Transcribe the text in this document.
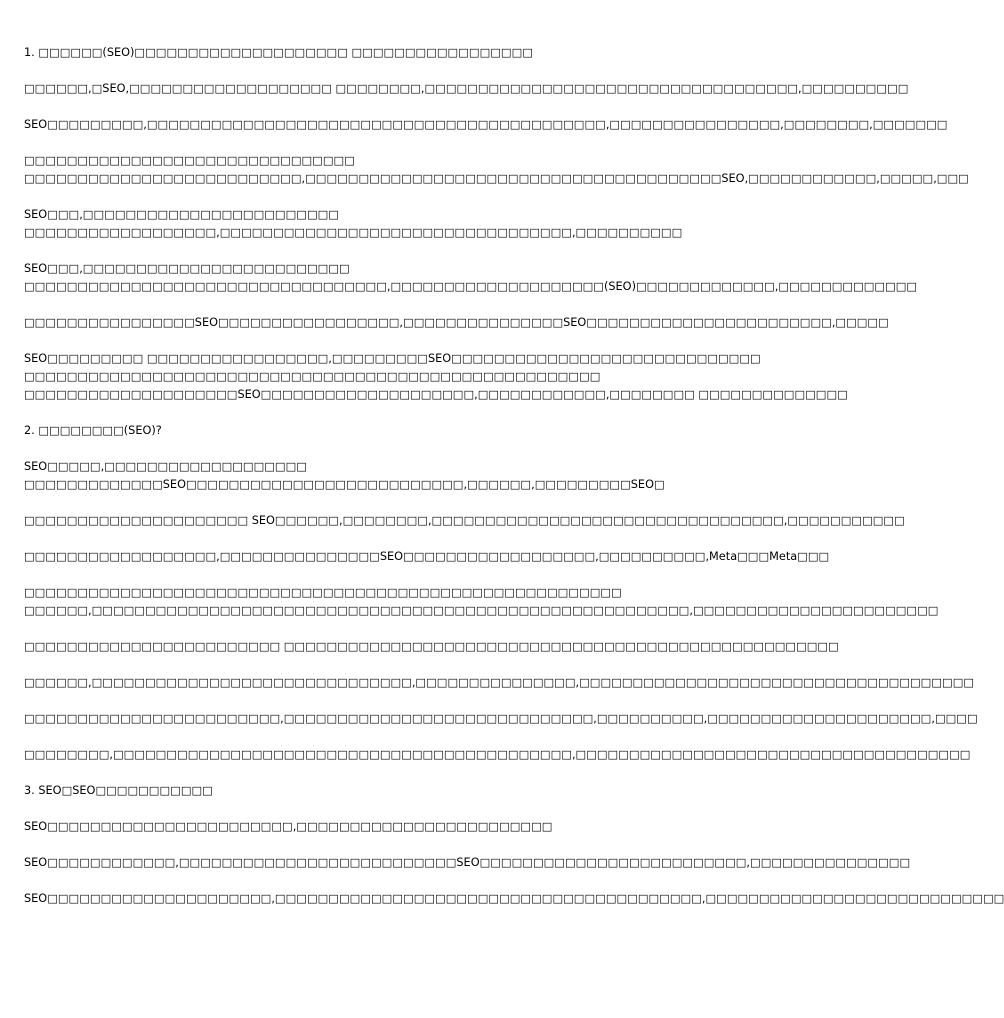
1. □□□□□□(SEO)□□□□□□□□□□□□□□□□□□□□ □□□□□□□□□□□□□□□□□
□□□□□□,□SEO,□□□□□□□□□□□□□□□□□□□ □□□□□□□□,□□□□□□□□□□□□□□□□□□□□□□□□□□□□□□□□□□□,□□□□□□□□□□
SEO□□□□□□□□□,□□□□□□□□□□□□□□□□□□□□□□□□□□□□□□□□□□□□□□□□□□□,□□□□□□□□□□□□□□□□,□□□□□□□□,□□□□□□□
□□□□□□□□□□□□□□□□□□□□□□□□□□□□□□□
□□□□□□□□□□□□□□□□□□□□□□□□□□,□□□□□□□□□□□□□□□□□□□□□□□□□□□□□□□□□□□□□□□SEO,□□□□□□□□□□□□,□□□□□,□□□
SEO□□□,□□□□□□□□□□□□□□□□□□□□□□□□
□□□□□□□□□□□□□□□□□□,□□□□□□□□□□□□□□□□□□□□□□□□□□□□□□□□□,□□□□□□□□□□
SEO□□□,□□□□□□□□□□□□□□□□□□□□□□□□□
□□□□□□□□□□□□□□□□□□□□□□□□□□□□□□□□□□,□□□□□□□□□□□□□□□□□□□□(SEO)□□□□□□□□□□□□□,□□□□□□□□□□□□□
□□□□□□□□□□□□□□□□SEO□□□□□□□□□□□□□□□□□,□□□□□□□□□□□□□□□SEO□□□□□□□□□□□□□□□□□□□□□□□,□□□□□
SEO□□□□□□□□□ □□□□□□□□□□□□□□□□□,□□□□□□□□□SEO□□□□□□□□□□□□□□□□□□□□□□□□□□□□□
□□□□□□□□□□□□□□□□□□□□□□□□□□□□□□□□□□□□□□□□□□□□□□□□□□□□□□
□□□□□□□□□□□□□□□□□□□□SEO□□□□□□□□□□□□□□□□□□□□,□□□□□□□□□□□□,□□□□□□□□ □□□□□□□□□□□□□□
2. □□□□□□□□(SEO)?
SEO□□□□□,□□□□□□□□□□□□□□□□□□□
□□□□□□□□□□□□□SEO□□□□□□□□□□□□□□□□□□□□□□□□□□,□□□□□□,□□□□□□□□□SEO□
□□□□□□□□□□□□□□□□□□□□□ SEO□□□□□□,□□□□□□□□,□□□□□□□□□□□□□□□□□□□□□□□□□□□□□□□□□,□□□□□□□□□□□
□□□□□□□□□□□□□□□□□□,□□□□□□□□□□□□□□□SEO□□□□□□□□□□□□□□□□□□,□□□□□□□□□□,Meta□□□Meta□□□
□□□□□□□□□□□□□□□□□□□□□□□□□□□□□□□□□□□□□□□□□□□□□□□□□□□□□□□□
□□□□□□,□□□□□□□□□□□□□□□□□□□□□□□□□□□□□□□□□□□□□□□□□□□□□□□□□□□□□□□□,□□□□□□□□□□□□□□□□□□□□□□□
□□□□□□□□□□□□□□□□□□□□□□□□ □□□□□□□□□□□□□□□□□□□□□□□□□□□□□□□□□□□□□□□□□□□□□□□□□□□□
□□□□□□,□□□□□□□□□□□□□□□□□□□□□□□□□□□□□□,□□□□□□□□□□□□□□□,□□□□□□□□□□□□□□□□□□□□□□□□□□□□□□□□□□□□□
□□□□□□□□□□□□□□□□□□□□□□□□,□□□□□□□□□□□□□□□□□□□□□□□□□□□□□,□□□□□□□□□□,□□□□□□□□□□□□□□□□□□□□□,□□□□
□□□□□□□□,□□□□□□□□□□□□□□□□□□□□□□□□□□□□□□□□□□□□□□□□□□□,□□□□□□□□□□□□□□□□□□□□□□□□□□□□□□□□□□□□□
3. SEO□SEO□□□□□□□□□□□
SEO□□□□□□□□□□□□□□□□□□□□□□□,□□□□□□□□□□□□□□□□□□□□□□□□
SEO□□□□□□□□□□□□,□□□□□□□□□□□□□□□□□□□□□□□□□□SEO□□□□□□□□□□□□□□□□□□□□□□□□□,□□□□□□□□□□□□□□□
SEO□□□□□□□□□□□□□□□□□□□□□,□□□□□□□□□□□□□□□□□□□□□□□□□□□□□□□□□□□□□□□□,□□□□□□□□□□□□□□□□□□□□□□□□□□□□
